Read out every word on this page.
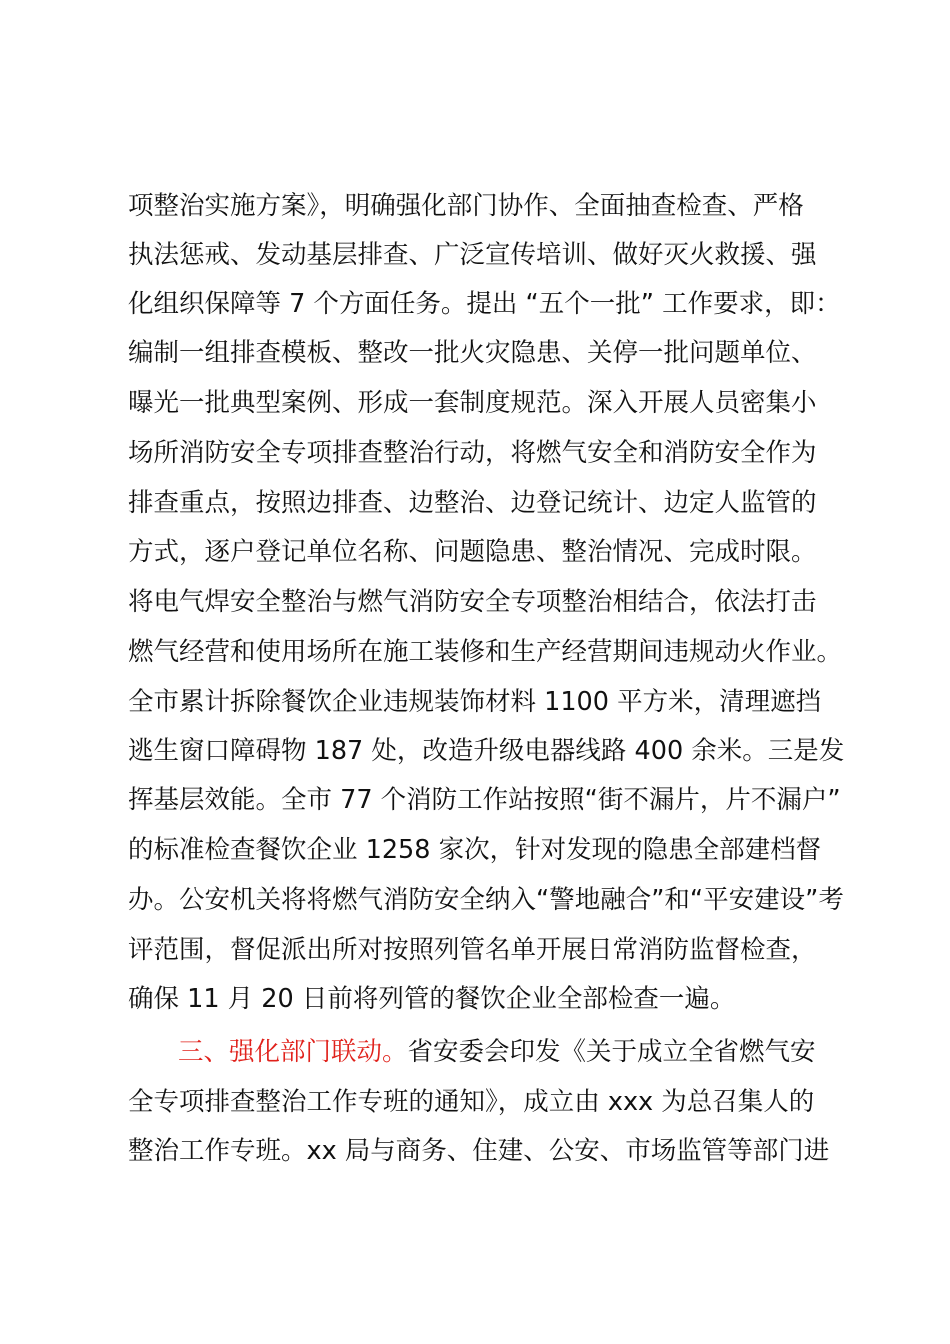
项整治实施方案》，明确强化部门协作、全面抽查检查、严格
执法惩戒、发动基层排查、广泛宣传培训、做好灭火救援、强
化组织保障等 7 个方面任务。提出 “五个一批” 工作要求，即：
编制一组排查模板、整改一批火灾隐患、关停一批问题单位、
曝光一批典型案例、形成一套制度规范。深入开展人员密集小
场所消防安全专项排查整治行动，将燃气安全和消防安全作为
排查重点，按照边排查、边整治、边登记统计、边定人监管的
方式，逐户登记单位名称、问题隐患、整治情况、完成时限。
将电气焊安全整治与燃气消防安全专项整治相结合，依法打击
燃气经营和使用场所在施工装修和生产经营期间违规动火作业。
全市累计拆除餐饮企业违规装饰材料 1100 平方米，清理遮挡
逃生窗口障碍物 187 处，改造升级电器线路 400 余米。三是发
挥基层效能。全市 77 个消防工作站按照“街不漏片，片不漏户”
的标准检查餐饮企业 1258 家次，针对发现的隐患全部建档督
办。公安机关将将燃气消防安全纳入“警地融合”和“平安建设”考
评范围，督促派出所对按照列管名单开展日常消防监督检查，
确保 11 月 20 日前将列管的餐饮企业全部检查一遍。
三、强化部门联动。省安委会印发《关于成立全省燃气安
全专项排查整治工作专班的通知》，成立由 xxx 为总召集人的
整治工作专班。xx 局与商务、住建、公安、市场监管等部门进
